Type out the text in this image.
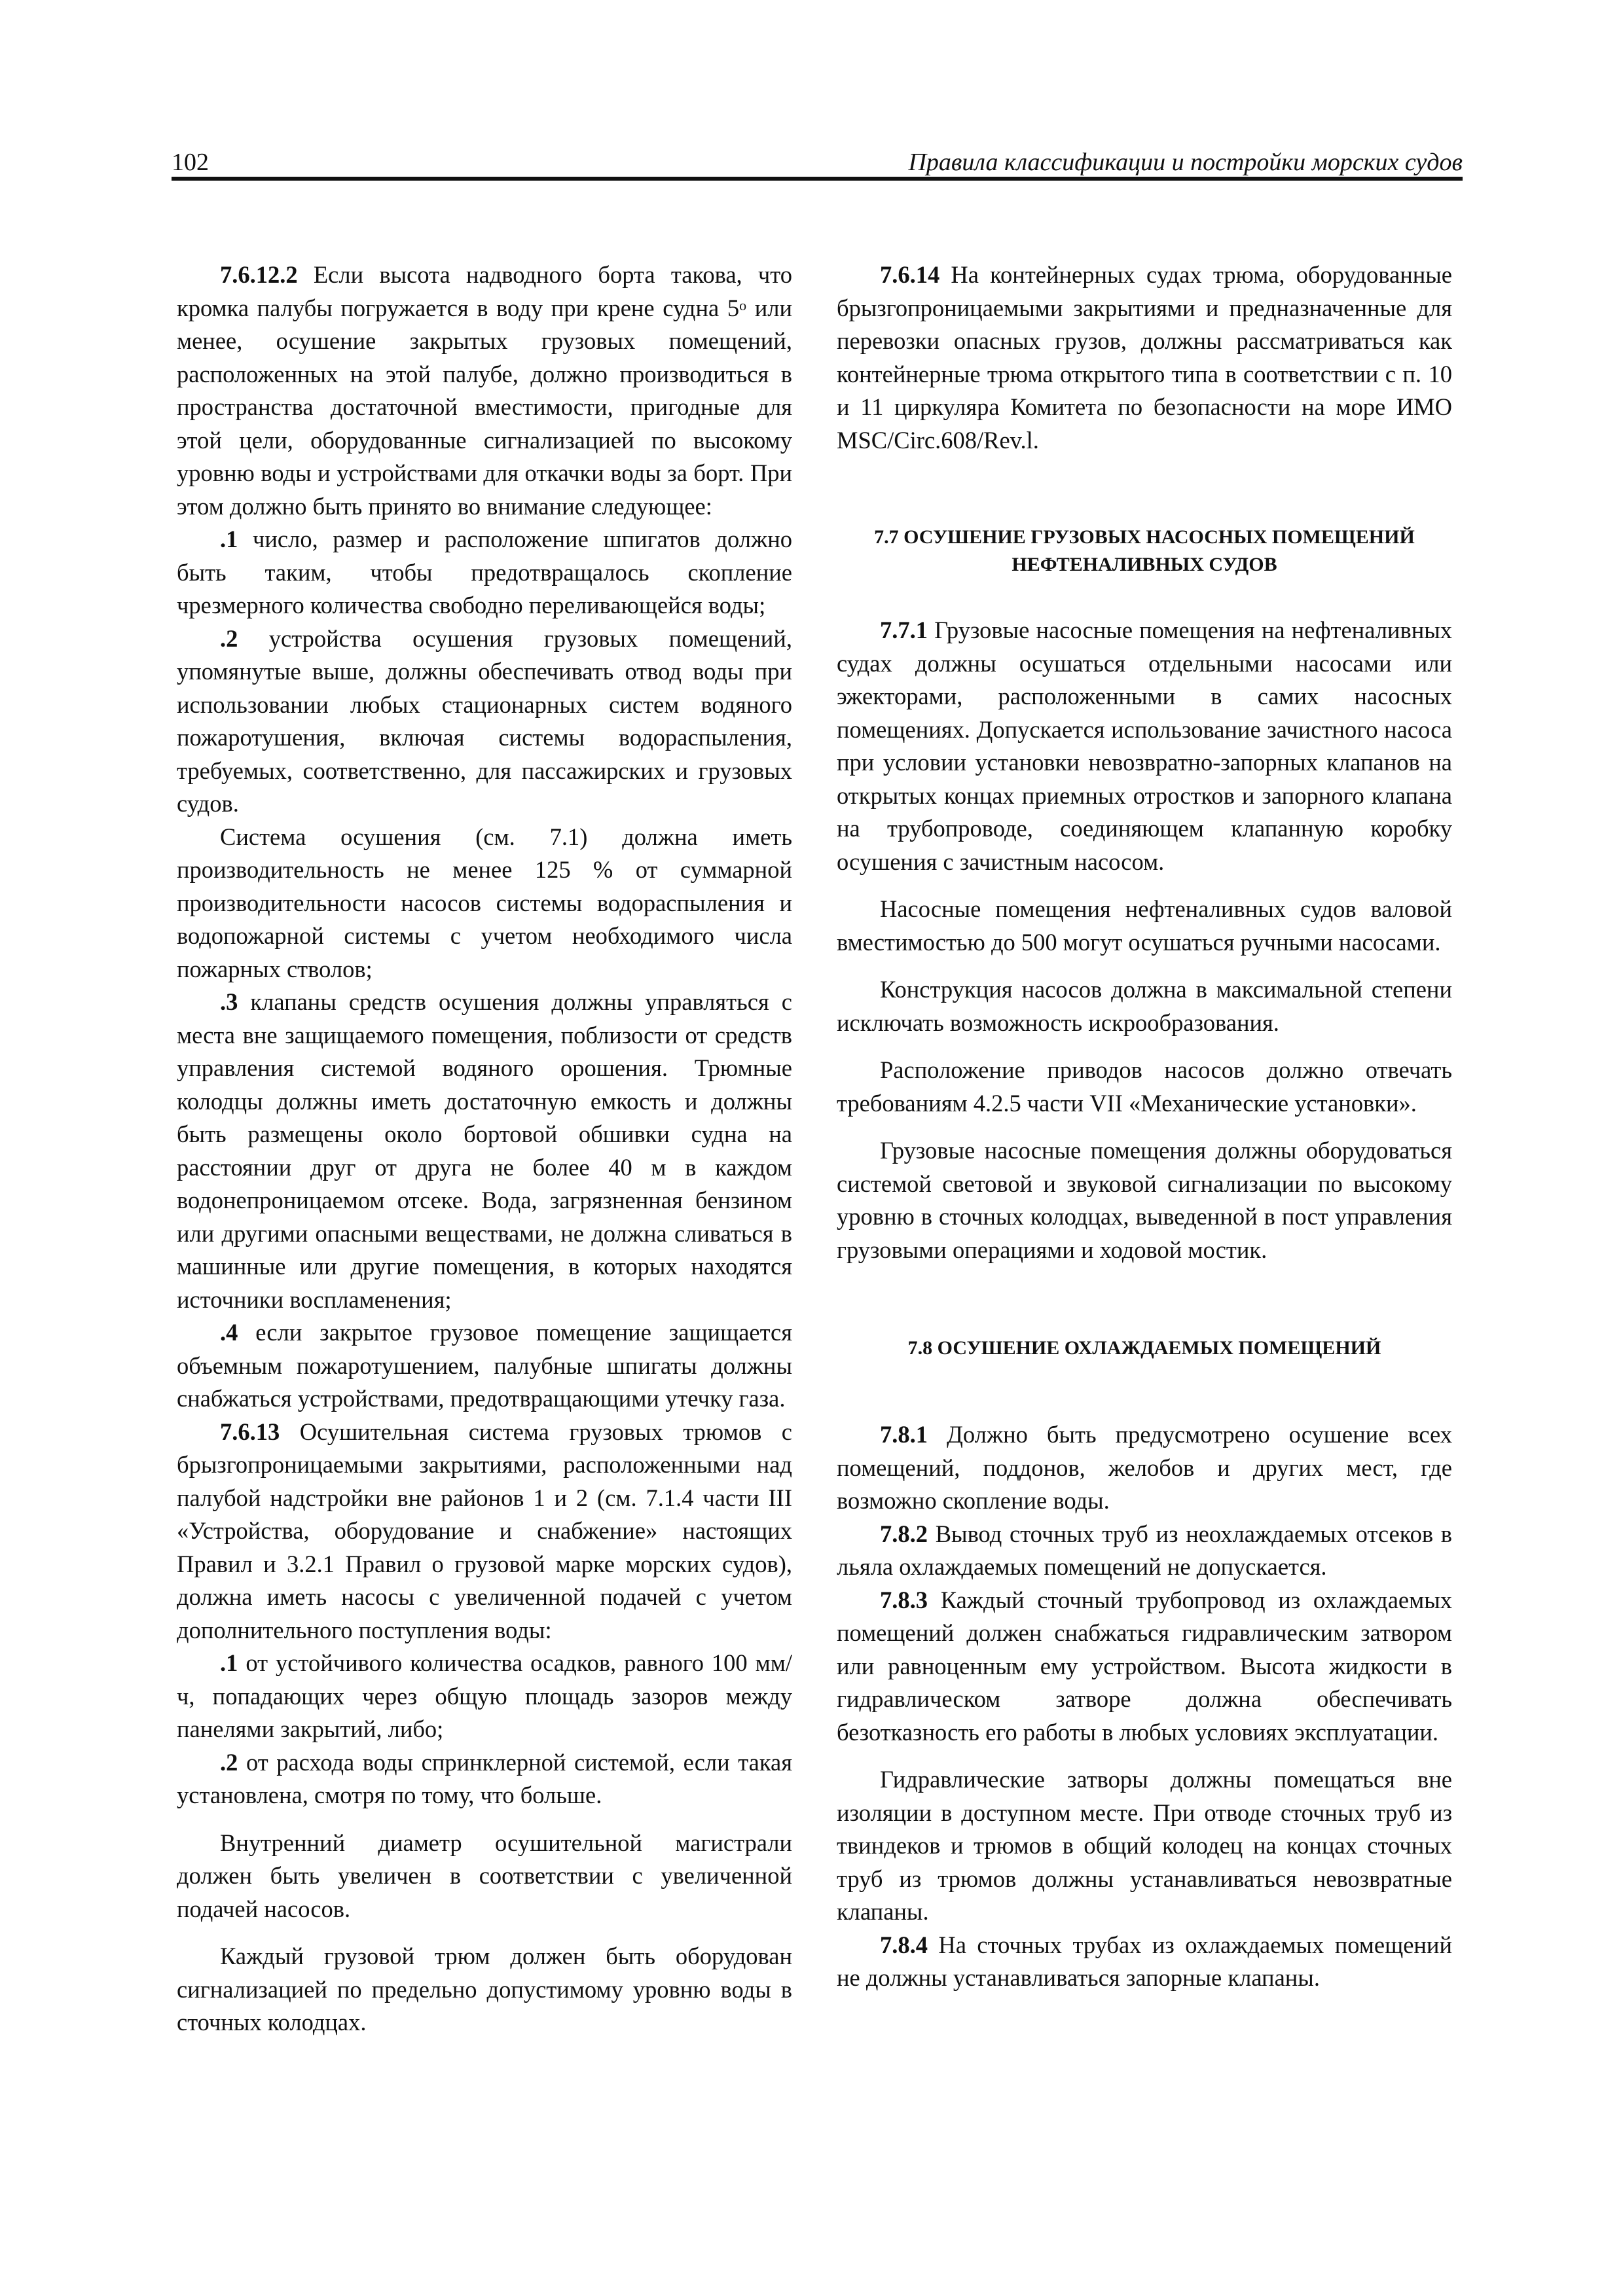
102	Правила классификации и постройки морских судов

7.6.12.2 Если высота надводного борта такова, что кромка палубы погружается в воду при крене судна $5^о$ или менее, осушение закрытых грузовых помещений, расположенных на этой палубе, должно производиться в пространства достаточной вместимости, пригодные для этой цели, оборудованные сигнализацией по высокому уровню воды и устройствами для откачки воды за борт. При этом должно быть принято во внимание следующее:

.1 число, размер и расположение шпигатов должно быть таким, чтобы предотвращалось скопление чрезмерного количества свободно переливающейся воды;

.2 устройства осушения грузовых помещений, упомянутые выше, должны обеспечивать отвод воды при использовании любых стационарных систем водяного пожаротушения, включая системы водораспыления, требуемых, соответственно, для пассажирских и грузовых судов.

Система осушения (см. 7.1) должна иметь производительность не менее 125 % от суммарной производительности насосов системы водораспыления и водопожарной системы с учетом необходимого числа пожарных стволов;

.3 клапаны средств осушения должны управляться с места вне защищаемого помещения, поблизости от средств управления системой водяного орошения. Трюмные колодцы должны иметь достаточную емкость и должны быть размещены около бортовой обшивки судна на расстоянии друг от друга не более 40 м в каждом водонепроницаемом отсеке. Вода, загрязненная бензином или другими опасными веществами, не должна сливаться в машинные или другие помещения, в которых находятся источники воспламенения;

.4 если закрытое грузовое помещение защищается объемным пожаротушением, палубные шпигаты должны снабжаться устройствами, предотвращающими утечку газа.

7.6.13 Осушительная система грузовых трюмов с брызгопроницаемыми закрытиями, расположенными над палубой надстройки вне районов 1 и 2 (см. 7.1.4 части III «Устройства, оборудование и снабжение» настоящих Правил и 3.2.1 Правил о грузовой марке морских судов), должна иметь насосы с увеличенной подачей с учетом дополнительного поступления воды:

.1 от устойчивого количества осадков, равного 100 мм/ч, попадающих через общую площадь зазоров между панелями закрытий, либо;

.2 от расхода воды спринклерной системой, если такая установлена, смотря по тому, что больше.

Внутренний диаметр осушительной магистрали должен быть увеличен в соответствии с увеличенной подачей насосов.

Каждый грузовой трюм должен быть оборудован сигнализацией по предельно допустимому уровню воды в сточных колодцах.

7.6.14 На контейнерных судах трюма, оборудованные брызгопроницаемыми закрытиями и предназначенные для перевозки опасных грузов, должны рассматриваться как контейнерные трюма открытого типа в соответствии с п. 10 и 11 циркуляра Комитета по безопасности на море ИМО MSC/Circ.608/Rev.l.

7.7 ОСУШЕНИЕ ГРУЗОВЫХ НАСОСНЫХ ПОМЕЩЕНИЙ
НЕФТЕНАЛИВНЫХ СУДОВ

7.7.1 Грузовые насосные помещения на нефтеналивных судах должны осушаться отдельными насосами или эжекторами, расположенными в самих насосных помещениях. Допускается использование зачистного насоса при условии установки невозвратно-запорных клапанов на открытых концах приемных отростков и запорного клапана на трубопроводе, соединяющем клапанную коробку осушения с зачистным насосом.

Насосные помещения нефтеналивных судов валовой вместимостью до 500 могут осушаться ручными насосами.

Конструкция насосов должна в максимальной степени исключать возможность искрообразования.

Расположение приводов насосов должно отвечать требованиям 4.2.5 части VII «Механические установки».

Грузовые насосные помещения должны оборудоваться системой световой и звуковой сигнализации по высокому уровню в сточных колодцах, выведенной в пост управления грузовыми операциями и ходовой мостик.

7.8 ОСУШЕНИЕ ОХЛАЖДАЕМЫХ ПОМЕЩЕНИЙ

7.8.1 Должно быть предусмотрено осушение всех помещений, поддонов, желобов и других мест, где возможно скопление воды.

7.8.2 Вывод сточных труб из неохлаждаемых отсеков в льяла охлаждаемых помещений не допускается.

7.8.3 Каждый сточный трубопровод из охлаждаемых помещений должен снабжаться гидравлическим затвором или равноценным ему устройством. Высота жидкости в гидравлическом затворе должна обеспечивать безотказность его работы в любых условиях эксплуатации.

Гидравлические затворы должны помещаться вне изоляции в доступном месте. При отводе сточных труб из твиндеков и трюмов в общий колодец на концах сточных труб из трюмов должны устанавливаться невозвратные клапаны.

7.8.4 На сточных трубах из охлаждаемых помещений не должны устанавливаться запорные клапаны.
